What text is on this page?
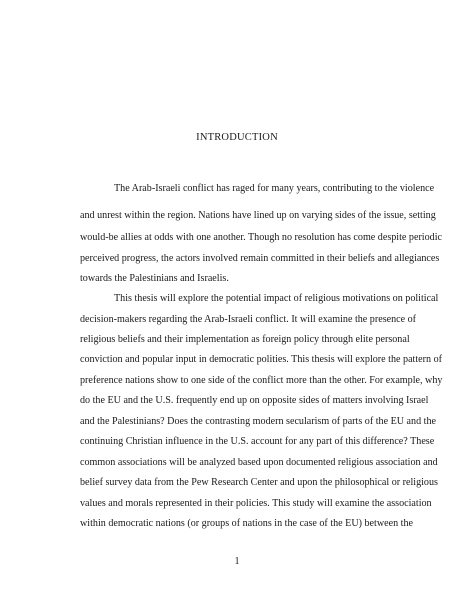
INTRODUCTION
The Arab-Israeli conflict has raged for many years, contributing to the violence
and unrest within the region. Nations have lined up on varying sides of the issue, setting
would-be allies at odds with one another. Though no resolution has come despite periodic
perceived progress, the actors involved remain committed in their beliefs and allegiances
towards the Palestinians and Israelis.
This thesis will explore the potential impact of religious motivations on political
decision-makers regarding the Arab-Israeli conflict. It will examine the presence of
religious beliefs and their implementation as foreign policy through elite personal
conviction and popular input in democratic polities. This thesis will explore the pattern of
preference nations show to one side of the conflict more than the other. For example, why
do the EU and the U.S. frequently end up on opposite sides of matters involving Israel
and the Palestinians? Does the contrasting modern secularism of parts of the EU and the
continuing Christian influence in the U.S. account for any part of this difference? These
common associations will be analyzed based upon documented religious association and
belief survey data from the Pew Research Center and upon the philosophical or religious
values and morals represented in their policies. This study will examine the association
within democratic nations (or groups of nations in the case of the EU) between the
1
